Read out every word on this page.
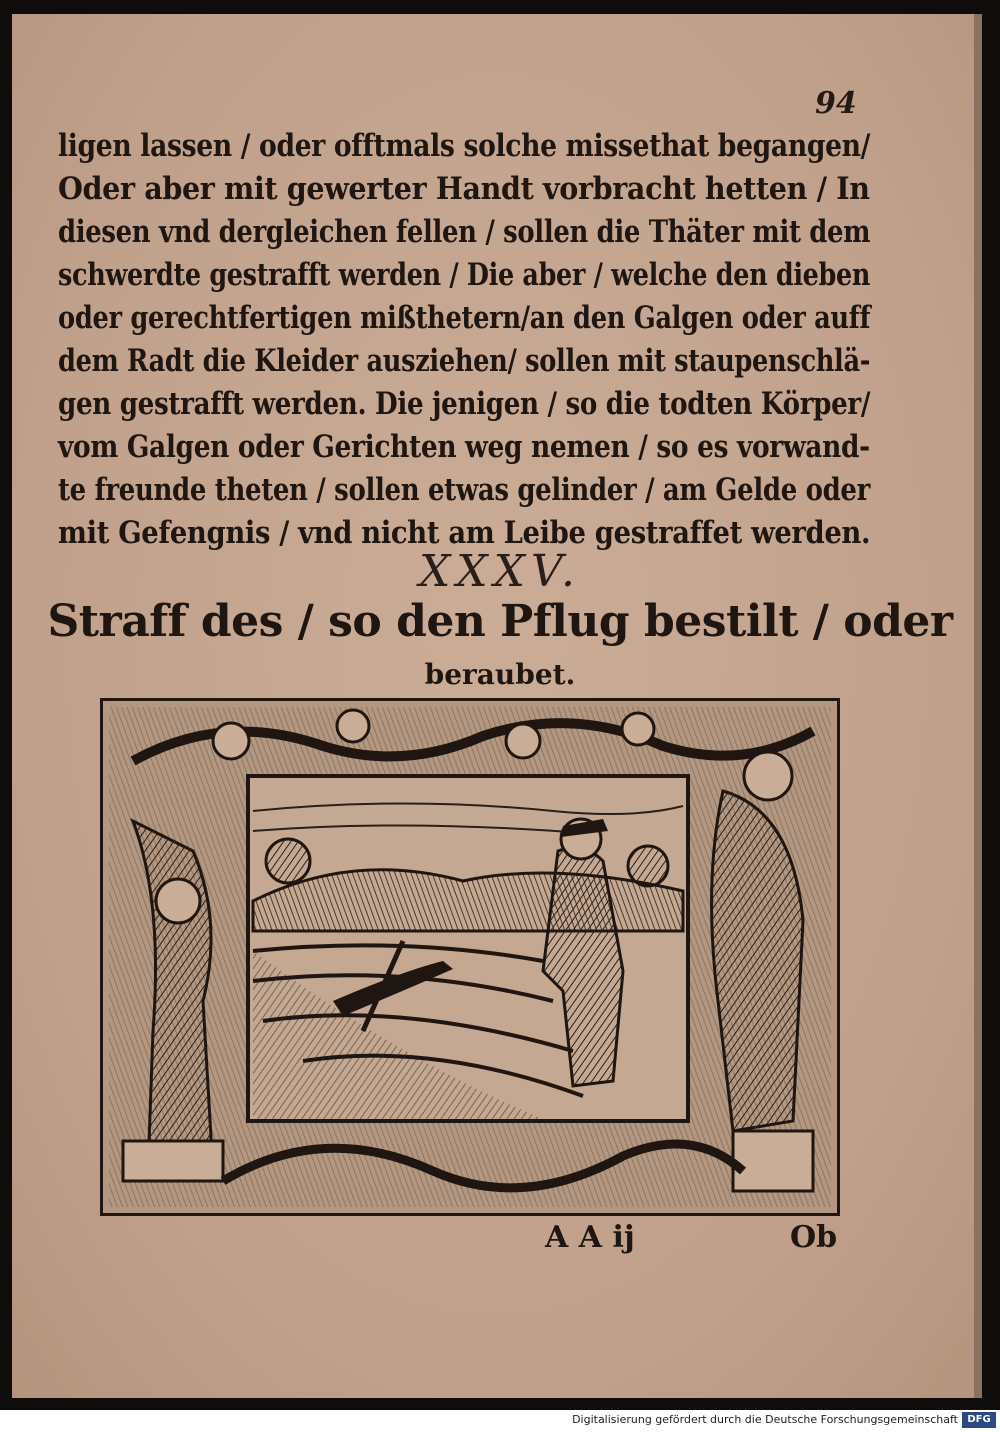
94
ligen lassen / oder offtmals solche missethat begangen/
Oder aber mit gewerter Handt vorbracht hetten / In
diesen vnd dergleichen fellen / sollen die Thäter mit dem
schwerdte gestrafft werden / Die aber / welche den dieben
oder gerechtfertigen mißthetern/an den Galgen oder auff
dem Radt die Kleider ausziehen/ sollen mit staupenschlä-
gen gestrafft werden. Die jenigen / so die todten Körper/
vom Galgen oder Gerichten weg nemen / so es vorwand-
te freunde theten / sollen etwas gelinder / am Gelde oder
mit Gefengnis / vnd nicht am Leibe gestraffet werden.
XXXV.
Straff des / so den Pflug bestilt / oder
beraubet.
A A ij	Ob
Digitalisierung gefördert durch die Deutsche Forschungsgemeinschaft DFG
